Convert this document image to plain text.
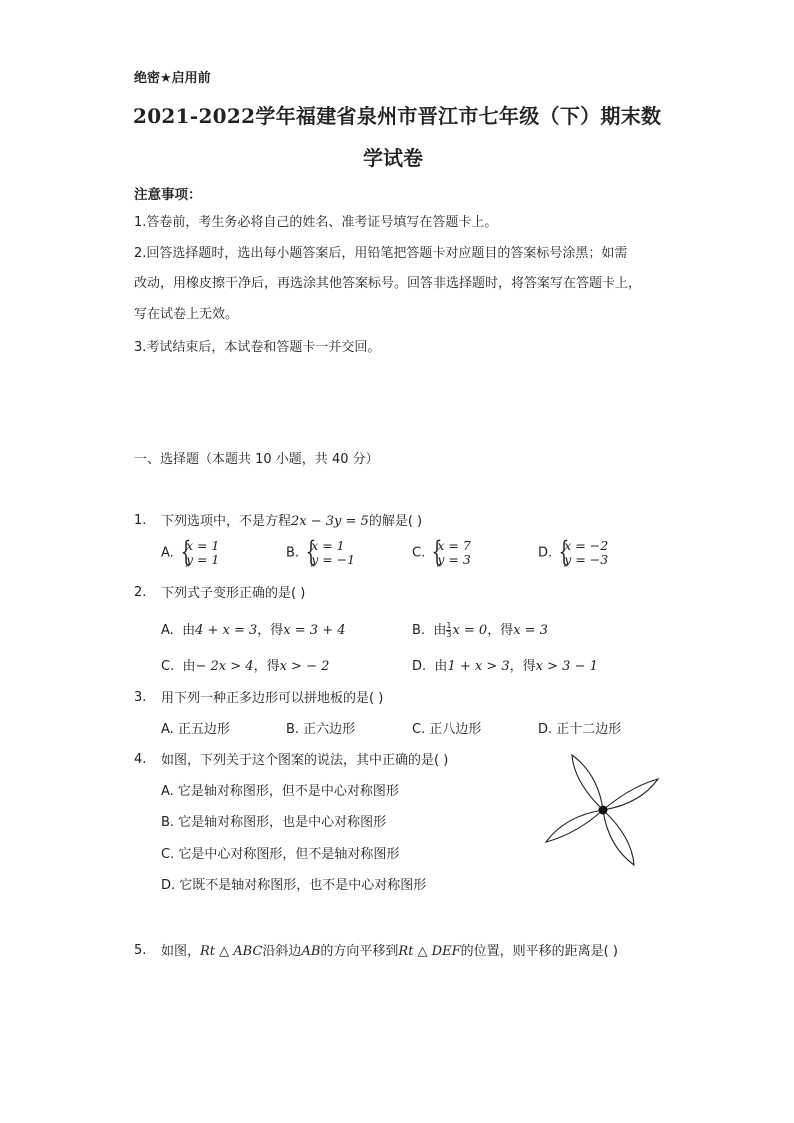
绝密★启用前
2021-2022学年福建省泉州市晋江市七年级（下）期末数
学试卷
注意事项：
1.答卷前，考生务必将自己的姓名、准考证号填写在答题卡上。
2.回答选择题时，选出每小题答案后，用铅笔把答题卡对应题目的答案标号涂黑；如需
改动，用橡皮擦干净后，再选涂其他答案标号。回答非选择题时，将答案写在答题卡上，
写在试卷上无效。
3.考试结束后，本试卷和答题卡一并交回。
一、选择题（本题共 10 小题，共 40 分）
1. 下列选项中，不是方程2x − 3y = 5的解是( )
A. {
x = 1
y = 1	B. {
x = 1
y = −1	C. {
x = 7
y = 3	D. {
x = −2
y = −3
2. 下列式子变形正确的是( )
A. 由4 + x = 3，得x = 3 + 4	B. 由 $\frac{1}{3}$ x = 0，得x = 3
C. 由− 2x > 4，得x > − 2	D. 由1 + x > 3，得x > 3 − 1
3. 用下列一种正多边形可以拼地板的是( )
A. 正五边形	B. 正六边形	C. 正八边形	D. 正十二边形
4. 如图，下列关于这个图案的说法，其中正确的是( )
A. 它是轴对称图形，但不是中心对称图形
B. 它是轴对称图形，也是中心对称图形
C. 它是中心对称图形，但不是轴对称图形
D. 它既不是轴对称图形，也不是中心对称图形
5. 如图，Rt △ ABC沿斜边AB的方向平移到Rt △ DEF的位置，则平移的距离是( )
